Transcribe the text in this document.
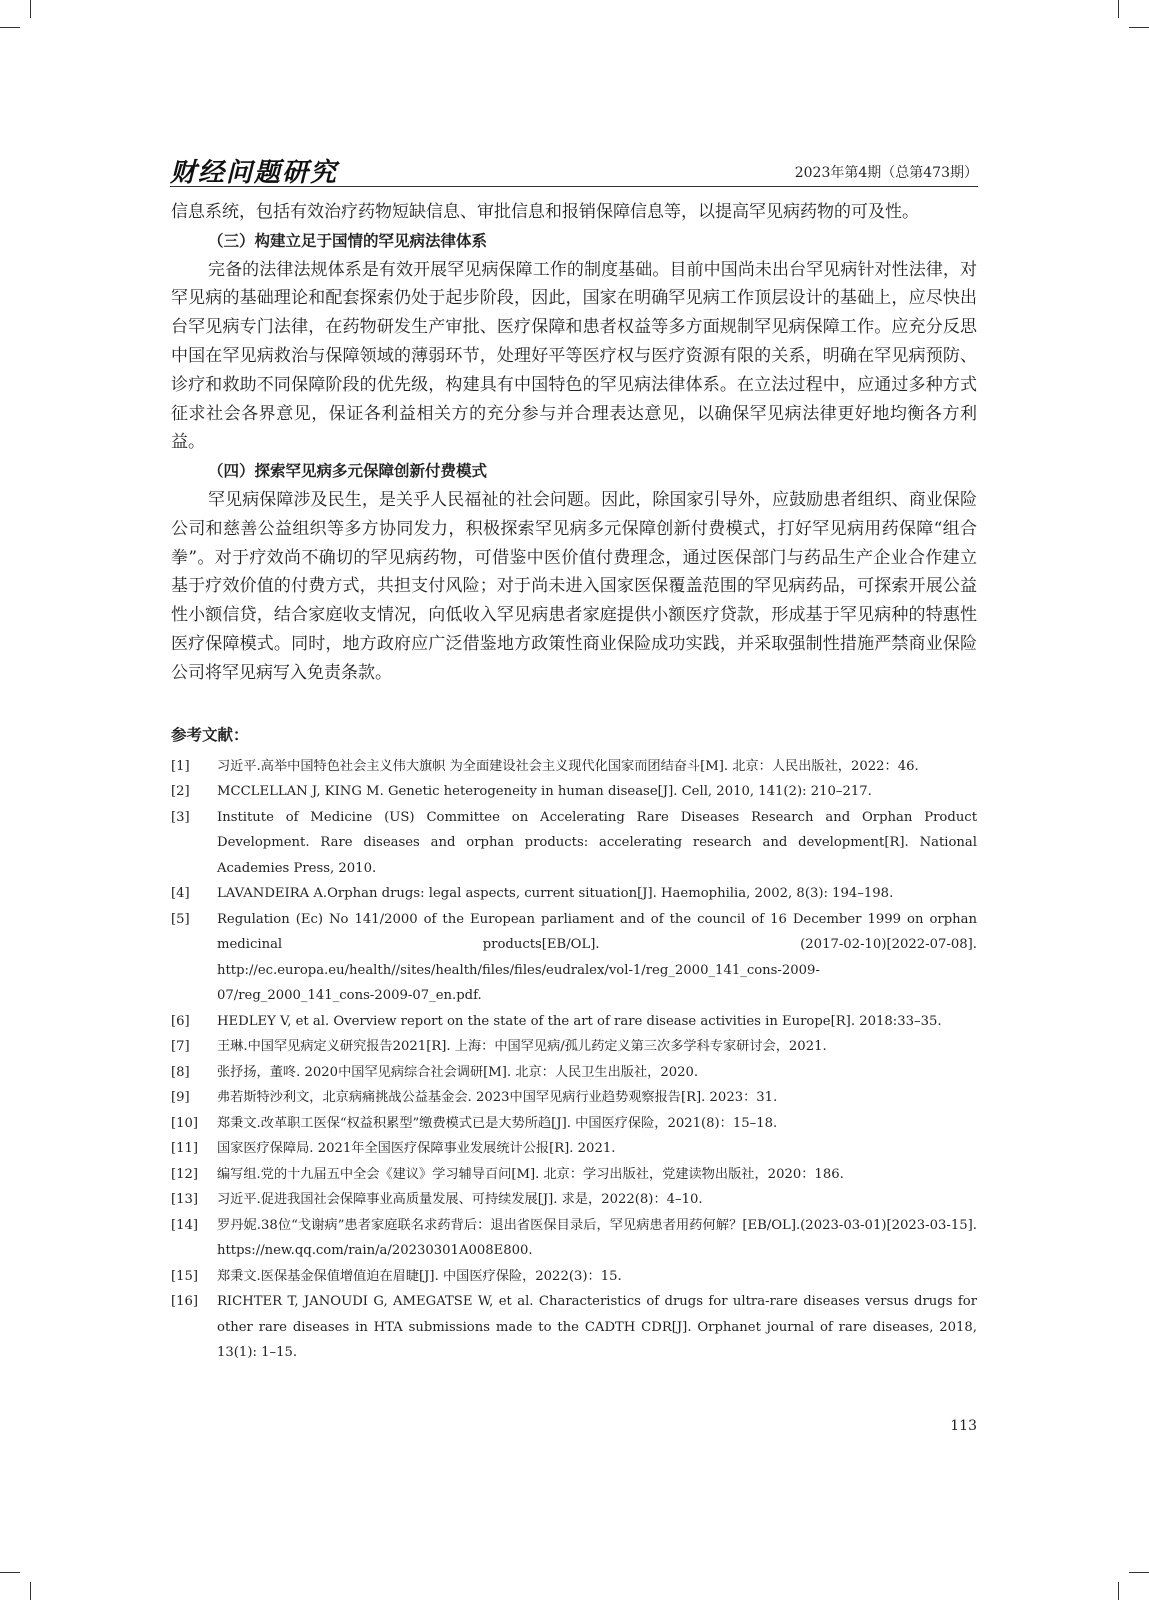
财经问题研究	2023年第4期（总第473期）

信息系统，包括有效治疗药物短缺信息、审批信息和报销保障信息等，以提高罕见病药物的可及性。

（三）构建立足于国情的罕见病法律体系

完备的法律法规体系是有效开展罕见病保障工作的制度基础。目前中国尚未出台罕见病针对性法律，对罕见病的基础理论和配套探索仍处于起步阶段，因此，国家在明确罕见病工作顶层设计的基础上，应尽快出台罕见病专门法律，在药物研发生产审批、医疗保障和患者权益等多方面规制罕见病保障工作。应充分反思中国在罕见病救治与保障领域的薄弱环节，处理好平等医疗权与医疗资源有限的关系，明确在罕见病预防、诊疗和救助不同保障阶段的优先级，构建具有中国特色的罕见病法律体系。在立法过程中，应通过多种方式征求社会各界意见，保证各利益相关方的充分参与并合理表达意见，以确保罕见病法律更好地均衡各方利益。

（四）探索罕见病多元保障创新付费模式

罕见病保障涉及民生，是关乎人民福祉的社会问题。因此，除国家引导外，应鼓励患者组织、商业保险公司和慈善公益组织等多方协同发力，积极探索罕见病多元保障创新付费模式，打好罕见病用药保障“组合拳”。对于疗效尚不确切的罕见病药物，可借鉴中医价值付费理念，通过医保部门与药品生产企业合作建立基于疗效价值的付费方式，共担支付风险；对于尚未进入国家医保覆盖范围的罕见病药品，可探索开展公益性小额信贷，结合家庭收支情况，向低收入罕见病患者家庭提供小额医疗贷款，形成基于罕见病种的特惠性医疗保障模式。同时，地方政府应广泛借鉴地方政策性商业保险成功实践，并采取强制性措施严禁商业保险公司将罕见病写入免责条款。

参考文献：
[1]	习近平.高举中国特色社会主义伟大旗帜 为全面建设社会主义现代化国家而团结奋斗[M]. 北京：人民出版社，2022：46.
[2]	MCCLELLAN J, KING M. Genetic heterogeneity in human disease[J]. Cell, 2010, 141(2): 210–217.
[3]	Institute of Medicine (US) Committee on Accelerating Rare Diseases Research and Orphan Product Development. Rare diseases and orphan products: accelerating research and development[R]. National Academies Press, 2010.
[4]	LAVANDEIRA A.Orphan drugs: legal aspects, current situation[J]. Haemophilia, 2002, 8(3): 194–198.
[5]	Regulation (Ec) No 141/2000 of the European parliament and of the council of 16 December 1999 on orphan medicinal products[EB/OL]. (2017-02-10)[2022-07-08]. http://ec.europa.eu/health//sites/health/files/files/eudralex/vol-1/reg_2000_141_cons-2009-07/reg_2000_141_cons-2009-07_en.pdf.
[6]	HEDLEY V, et al. Overview report on the state of the art of rare disease activities in Europe[R]. 2018:33–35.
[7]	王琳.中国罕见病定义研究报告2021[R]. 上海：中国罕见病/孤儿药定义第三次多学科专家研讨会，2021.
[8]	张抒扬，董咚. 2020中国罕见病综合社会调研[M]. 北京：人民卫生出版社，2020.
[9]	弗若斯特沙利文，北京病痛挑战公益基金会. 2023中国罕见病行业趋势观察报告[R]. 2023：31.
[10]	郑秉文.改革职工医保“权益积累型”缴费模式已是大势所趋[J]. 中国医疗保险，2021(8)：15–18.
[11]	国家医疗保障局. 2021年全国医疗保障事业发展统计公报[R]. 2021.
[12]	编写组.党的十九届五中全会《建议》学习辅导百问[M]. 北京：学习出版社，党建读物出版社，2020：186.
[13]	习近平.促进我国社会保障事业高质量发展、可持续发展[J]. 求是，2022(8)：4–10.
[14]	罗丹妮.38位“戈谢病”患者家庭联名求药背后：退出省医保目录后，罕见病患者用药何解？[EB/OL].(2023-03-01)[2023-03-15]. https://new.qq.com/rain/a/20230301A008E800.
[15]	郑秉文.医保基金保值增值迫在眉睫[J]. 中国医疗保险，2022(3)：15.
[16]	RICHTER T, JANOUDI G, AMEGATSE W, et al. Characteristics of drugs for ultra-rare diseases versus drugs for other rare diseases in HTA submissions made to the CADTH CDR[J]. Orphanet journal of rare diseases, 2018, 13(1): 1–15.
113
